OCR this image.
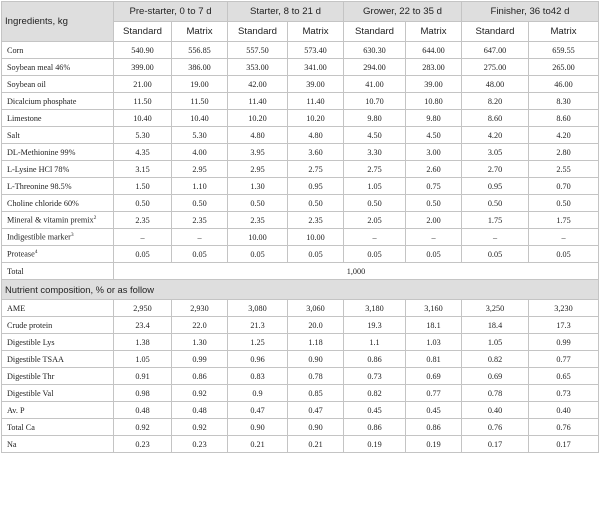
Ingredients, kg	Pre-starter, 0 to 7 d		Starter, 8 to 21 d		Grower, 22 to 35 d		Finisher, 36 to42 d	
	Standard	Matrix	Standard	Matrix	Standard	Matrix	Standard	Matrix
Corn	540.90	556.85	557.50	573.40	630.30	644.00	647.00	659.55
Soybean meal 46%	399.00	386.00	353.00	341.00	294.00	283.00	275.00	265.00
Soybean oil	21.00	19.00	42.00	39.00	41.00	39.00	48.00	46.00
Dicalcium phosphate	11.50	11.50	11.40	11.40	10.70	10.80	8.20	8.30
Limestone	10.40	10.40	10.20	10.20	9.80	9.80	8.60	8.60
Salt	5.30	5.30	4.80	4.80	4.50	4.50	4.20	4.20
DL-Methionine 99%	4.35	4.00	3.95	3.60	3.30	3.00	3.05	2.80
L-Lysine HCl 78%	3.15	2.95	2.95	2.75	2.75	2.60	2.70	2.55
L-Threonine 98.5%	1.50	1.10	1.30	0.95	1.05	0.75	0.95	0.70
Choline chloride 60%	0.50	0.50	0.50	0.50	0.50	0.50	0.50	0.50
Mineral & vitamin premix$^2$	2.35	2.35	2.35	2.35	2.05	2.00	1.75	1.75
Indigestible marker$^3$	–	–	10.00	10.00	–	–	–	–
Protease$^4$	0.05	0.05	0.05	0.05	0.05	0.05	0.05	0.05
Total	1,000							
Nutrient composition, % or as follow								
AME	2,950	2,930	3,080	3,060	3,180	3,160	3,250	3,230
Crude protein	23.4	22.0	21.3	20.0	19.3	18.1	18.4	17.3
Digestible Lys	1.38	1.30	1.25	1.18	1.1	1.03	1.05	0.99
Digestible TSAA	1.05	0.99	0.96	0.90	0.86	0.81	0.82	0.77
Digestible Thr	0.91	0.86	0.83	0.78	0.73	0.69	0.69	0.65
Digestible Val	0.98	0.92	0.9	0.85	0.82	0.77	0.78	0.73
Av. P	0.48	0.48	0.47	0.47	0.45	0.45	0.40	0.40
Total Ca	0.92	0.92	0.90	0.90	0.86	0.86	0.76	0.76
Na	0.23	0.23	0.21	0.21	0.19	0.19	0.17	0.17
